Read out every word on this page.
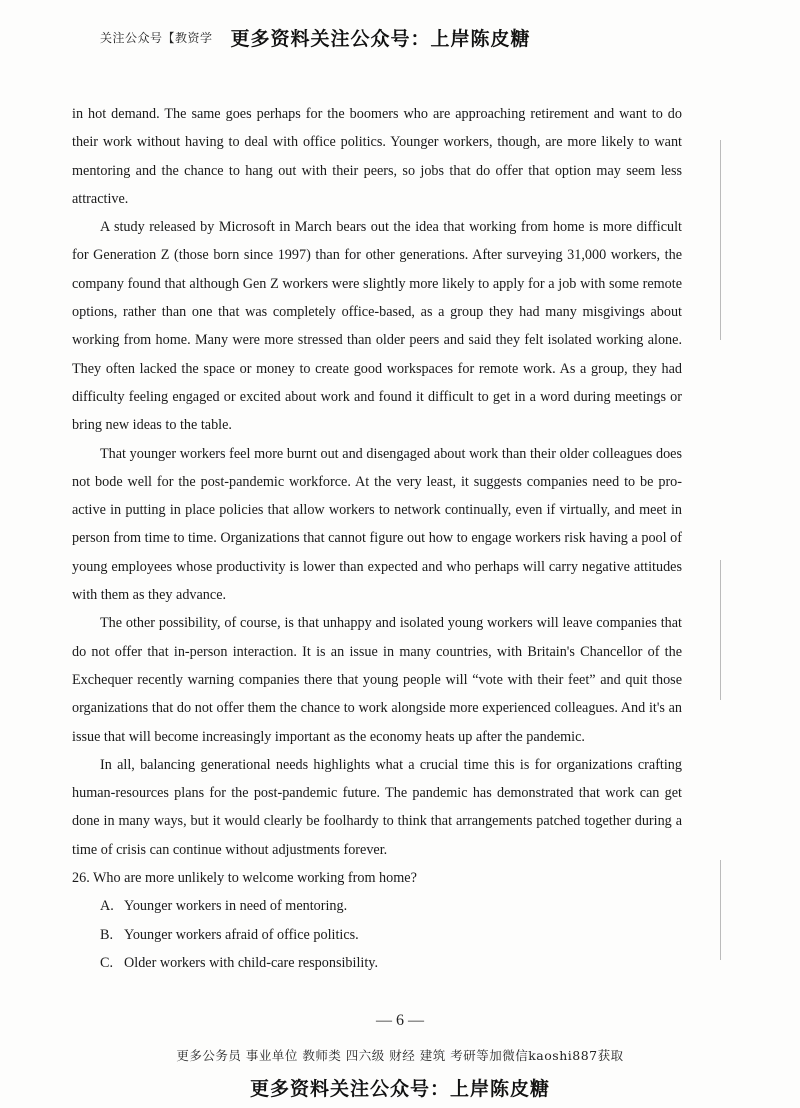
关注公众号【教资学 更多资料关注公众号：上岸陈皮糖

in hot demand. The same goes perhaps for the boomers who are approaching retirement and want to do their work without having to deal with office politics. Younger workers, though, are more likely to want mentoring and the chance to hang out with their peers, so jobs that do offer that option may seem less attractive.

A study released by Microsoft in March bears out the idea that working from home is more difficult for Generation Z (those born since 1997) than for other generations. After surveying 31,000 workers, the company found that although Gen Z workers were slightly more likely to apply for a job with some remote options, rather than one that was completely office-based, as a group they had many misgivings about working from home. Many were more stressed than older peers and said they felt isolated working alone. They often lacked the space or money to create good workspaces for remote work. As a group, they had difficulty feeling engaged or excited about work and found it difficult to get in a word during meetings or bring new ideas to the table.

That younger workers feel more burnt out and disengaged about work than their older colleagues does not bode well for the post-pandemic workforce. At the very least, it suggests companies need to be pro-active in putting in place policies that allow workers to network continually, even if virtually, and meet in person from time to time. Organizations that cannot figure out how to engage workers risk having a pool of young employees whose productivity is lower than expected and who perhaps will carry negative attitudes with them as they advance.

The other possibility, of course, is that unhappy and isolated young workers will leave companies that do not offer that in-person interaction. It is an issue in many countries, with Britain's Chancellor of the Exchequer recently warning companies there that young people will “vote with their feet” and quit those organizations that do not offer them the chance to work alongside more experienced colleagues. And it's an issue that will become increasingly important as the economy heats up after the pandemic.

In all, balancing generational needs highlights what a crucial time this is for organizations crafting human-resources plans for the post-pandemic future. The pandemic has demonstrated that work can get done in many ways, but it would clearly be foolhardy to think that arrangements patched together during a time of crisis can continue without adjustments forever.

26. Who are more unlikely to welcome working from home?

A. Younger workers in need of mentoring.

B. Younger workers afraid of office politics.

C. Older workers with child-care responsibility.

— 6 —
更多公务员 事业单位 教师类 四六级 财经 建筑 考研等加微信kaoshi887获取
更多资料关注公众号：上岸陈皮糖
